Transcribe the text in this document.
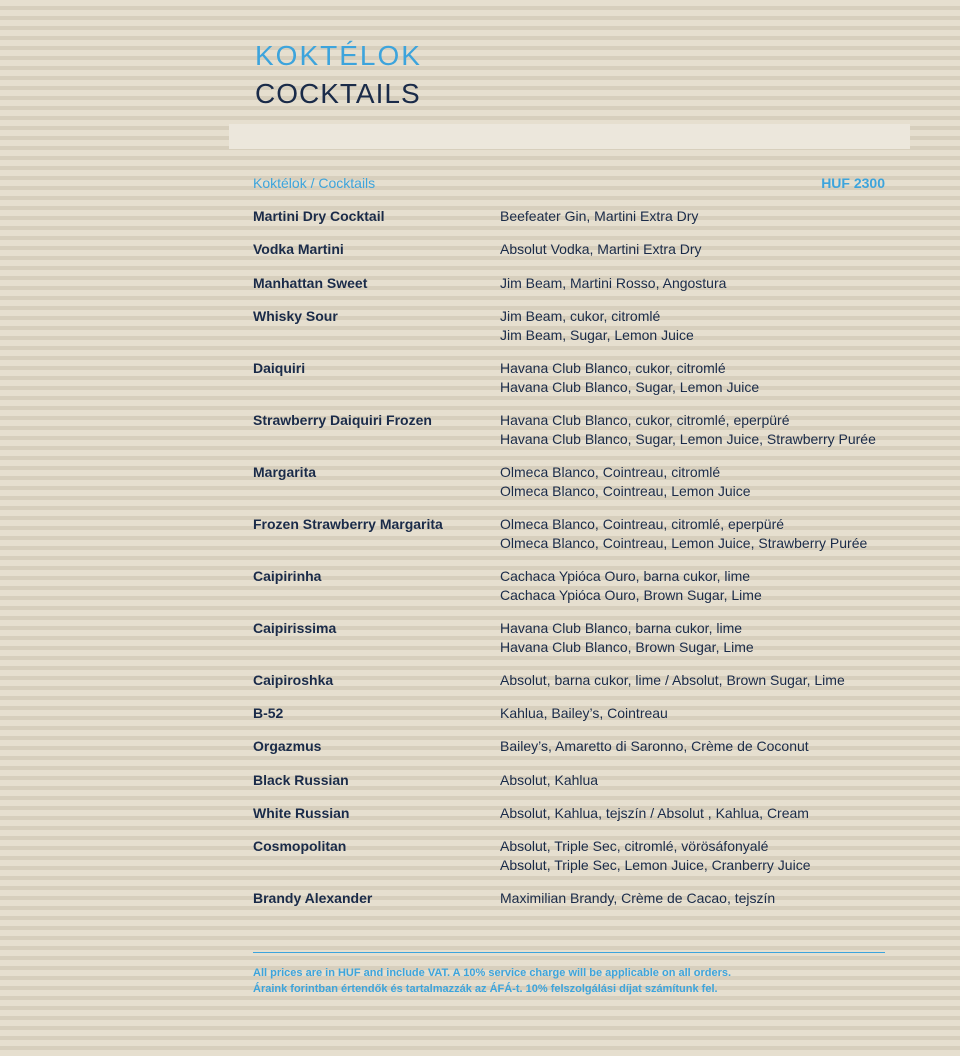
KOKTÉLOK
COCKTAILS
Koktélok / Cocktails	HUF 2300
Martini Dry Cocktail	Beefeater Gin, Martini Extra Dry
Vodka Martini	Absolut Vodka, Martini Extra Dry
Manhattan Sweet	Jim Beam, Martini Rosso, Angostura
Whisky Sour	Jim Beam, cukor, citromlé
Jim Beam, Sugar, Lemon Juice
Daiquiri	Havana Club Blanco, cukor, citromlé
Havana Club Blanco, Sugar, Lemon Juice
Strawberry Daiquiri Frozen	Havana Club Blanco, cukor, citromlé, eperpüré
Havana Club Blanco, Sugar, Lemon Juice, Strawberry Purée
Margarita	Olmeca Blanco, Cointreau, citromlé
Olmeca Blanco, Cointreau, Lemon Juice
Frozen Strawberry Margarita	Olmeca Blanco, Cointreau, citromlé, eperpüré
Olmeca Blanco, Cointreau, Lemon Juice, Strawberry Purée
Caipirinha	Cachaca Ypióca Ouro, barna cukor, lime
Cachaca Ypióca Ouro, Brown Sugar, Lime
Caipirissima	Havana Club Blanco, barna cukor, lime
Havana Club Blanco, Brown Sugar, Lime
Caipiroshka	Absolut, barna cukor, lime / Absolut, Brown Sugar, Lime
B-52	Kahlua, Bailey’s, Cointreau
Orgazmus	Bailey’s, Amaretto di Saronno, Crème de Coconut
Black Russian	Absolut, Kahlua
White Russian	Absolut, Kahlua, tejszín / Absolut , Kahlua, Cream
Cosmopolitan	Absolut, Triple Sec, citromlé, vörösáfonyalé
Absolut, Triple Sec, Lemon Juice, Cranberry Juice
Brandy Alexander	Maximilian Brandy, Crème de Cacao, tejszín
All prices are in HUF and include VAT. A 10% service charge will be applicable on all orders.
Áraink forintban értendők és tartalmazzák az ÁFÁ-t. 10% felszolgálási díjat számítunk fel.
